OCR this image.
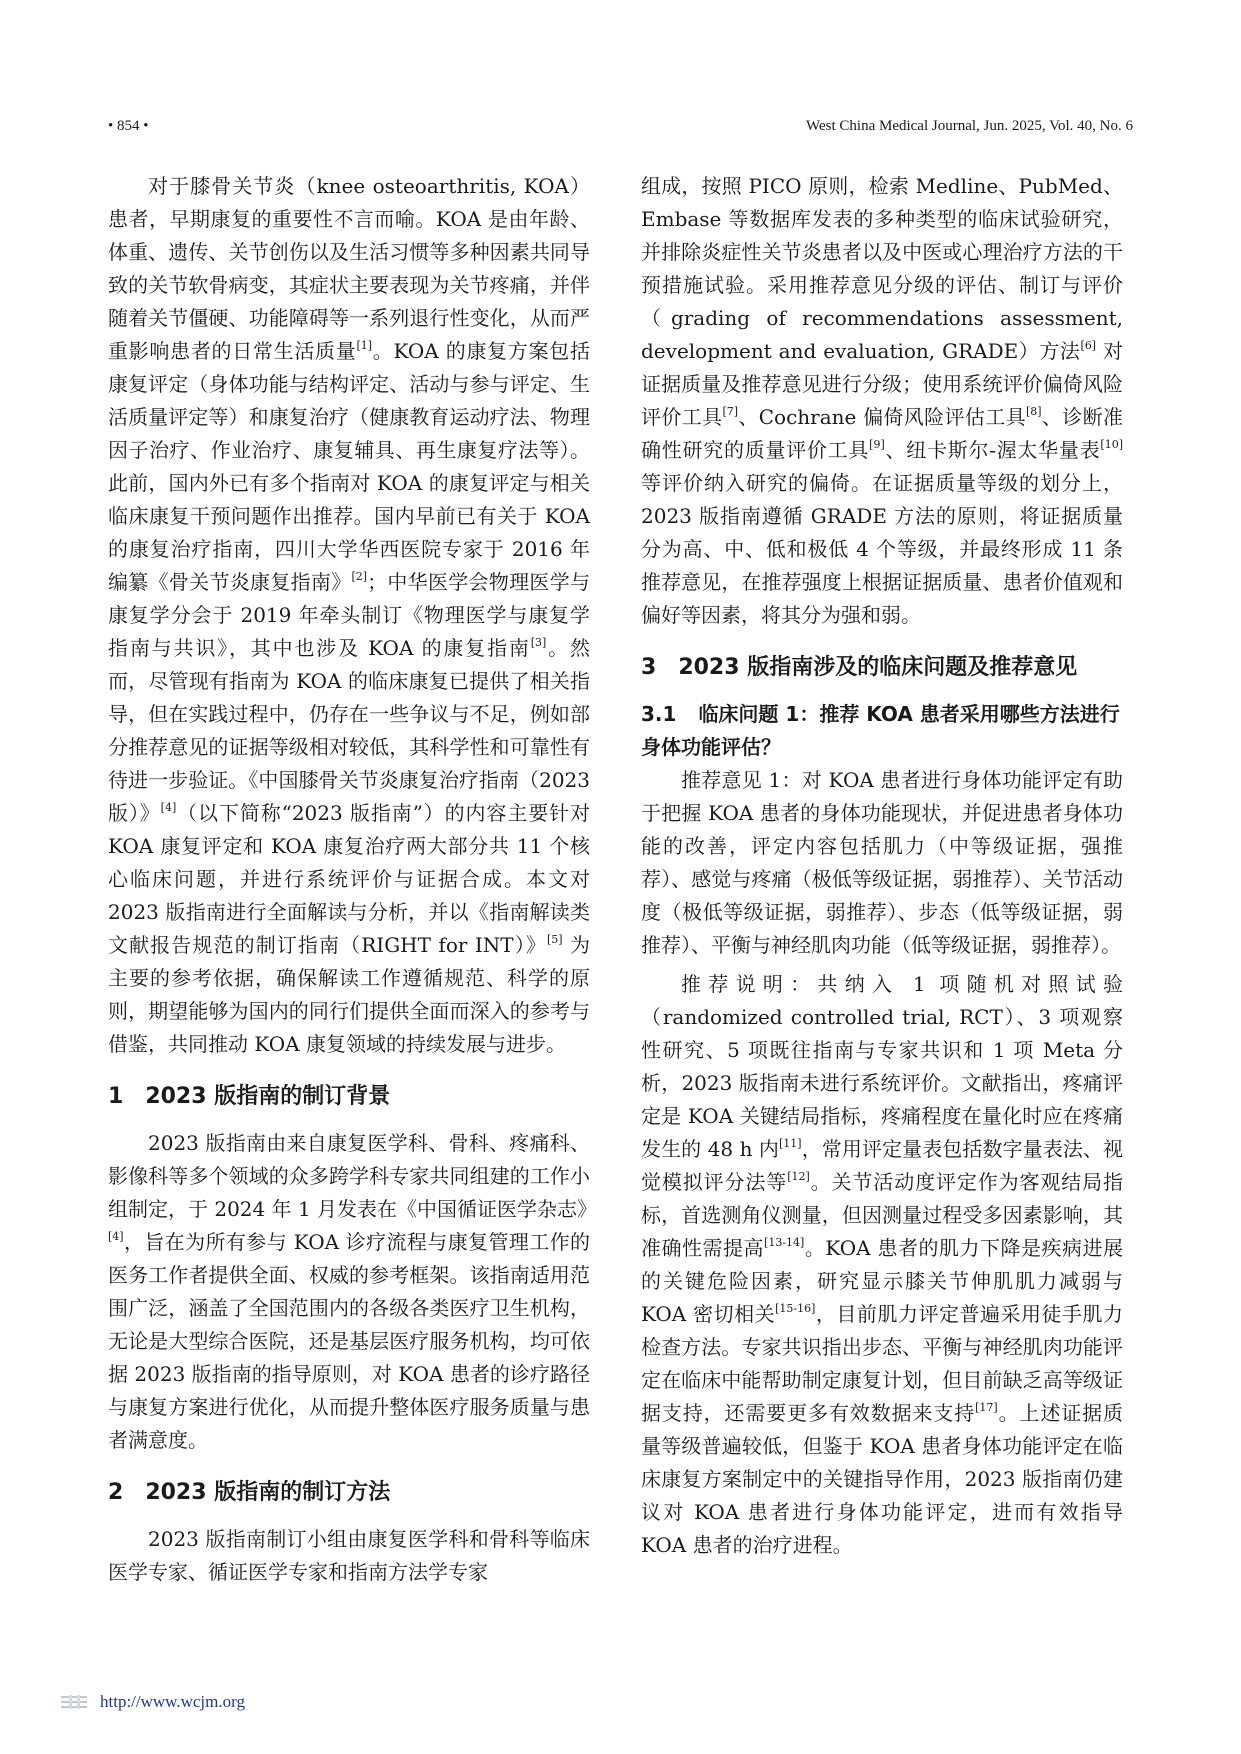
• 854 •	West China Medical Journal, Jun. 2025, Vol. 40, No. 6

对于膝骨关节炎（knee osteoarthritis, KOA）患者，早期康复的重要性不言而喻。KOA 是由年龄、体重、遗传、关节创伤以及生活习惯等多种因素共同导致的关节软骨病变，其症状主要表现为关节疼痛，并伴随着关节僵硬、功能障碍等一系列退行性变化，从而严重影响患者的日常生活质量[1]。KOA 的康复方案包括康复评定（身体功能与结构评定、活动与参与评定、生活质量评定等）和康复治疗（健康教育运动疗法、物理因子治疗、作业治疗、康复辅具、再生康复疗法等）。此前，国内外已有多个指南对 KOA 的康复评定与相关临床康复干预问题作出推荐。国内早前已有关于 KOA 的康复治疗指南，四川大学华西医院专家于 2016 年编纂《骨关节炎康复指南》[2]；中华医学会物理医学与康复学分会于 2019 年牵头制订《物理医学与康复学指南与共识》，其中也涉及 KOA 的康复指南[3]。然而，尽管现有指南为 KOA 的临床康复已提供了相关指导，但在实践过程中，仍存在一些争议与不足，例如部分推荐意见的证据等级相对较低，其科学性和可靠性有待进一步验证。《中国膝骨关节炎康复治疗指南（2023 版）》[4]（以下简称“2023 版指南”）的内容主要针对 KOA 康复评定和 KOA 康复治疗两大部分共 11 个核心临床问题，并进行系统评价与证据合成。本文对 2023 版指南进行全面解读与分析，并以《指南解读类文献报告规范的制订指南（RIGHT for INT）》[5] 为主要的参考依据，确保解读工作遵循规范、科学的原则，期望能够为国内的同行们提供全面而深入的参考与借鉴，共同推动 KOA 康复领域的持续发展与进步。

1 2023 版指南的制订背景

2023 版指南由来自康复医学科、骨科、疼痛科、影像科等多个领域的众多跨学科专家共同组建的工作小组制定，于 2024 年 1 月发表在《中国循证医学杂志》[4]，旨在为所有参与 KOA 诊疗流程与康复管理工作的医务工作者提供全面、权威的参考框架。该指南适用范围广泛，涵盖了全国范围内的各级各类医疗卫生机构，无论是大型综合医院，还是基层医疗服务机构，均可依据 2023 版指南的指导原则，对 KOA 患者的诊疗路径与康复方案进行优化，从而提升整体医疗服务质量与患者满意度。

2 2023 版指南的制订方法

2023 版指南制订小组由康复医学科和骨科等临床医学专家、循证医学专家和指南方法学专家

组成，按照 PICO 原则，检索 Medline、PubMed、Embase 等数据库发表的多种类型的临床试验研究，并排除炎症性关节炎患者以及中医或心理治疗方法的干预措施试验。采用推荐意见分级的评估、制订与评价（grading of recommendations assessment, development and evaluation, GRADE）方法[6] 对证据质量及推荐意见进行分级；使用系统评价偏倚风险评价工具[7]、Cochrane 偏倚风险评估工具[8]、诊断准确性研究的质量评价工具[9]、纽卡斯尔-渥太华量表[10] 等评价纳入研究的偏倚。在证据质量等级的划分上，2023 版指南遵循 GRADE 方法的原则，将证据质量分为高、中、低和极低 4 个等级，并最终形成 11 条推荐意见，在推荐强度上根据证据质量、患者价值观和偏好等因素，将其分为强和弱。

3 2023 版指南涉及的临床问题及推荐意见
3.1 临床问题 1：推荐 KOA 患者采用哪些方法进行身体功能评估？

推荐意见 1：对 KOA 患者进行身体功能评定有助于把握 KOA 患者的身体功能现状，并促进患者身体功能的改善，评定内容包括肌力（中等级证据，强推荐）、感觉与疼痛（极低等级证据，弱推荐）、关节活动度（极低等级证据，弱推荐）、步态（低等级证据，弱推荐）、平衡与神经肌肉功能（低等级证据，弱推荐）。

推荐说明：共纳入 1 项随机对照试验（randomized controlled trial, RCT）、3 项观察性研究、5 项既往指南与专家共识和 1 项 Meta 分析，2023 版指南未进行系统评价。文献指出，疼痛评定是 KOA 关键结局指标，疼痛程度在量化时应在疼痛发生的 48 h 内[11]，常用评定量表包括数字量表法、视觉模拟评分法等[12]。关节活动度评定作为客观结局指标，首选测角仪测量，但因测量过程受多因素影响，其准确性需提高[13-14]。KOA 患者的肌力下降是疾病进展的关键危险因素，研究显示膝关节伸肌肌力减弱与 KOA 密切相关[15-16]，目前肌力评定普遍采用徒手肌力检查方法。专家共识指出步态、平衡与神经肌肉功能评定在临床中能帮助制定康复计划，但目前缺乏高等级证据支持，还需要更多有效数据来支持[17]。上述证据质量等级普遍较低，但鉴于 KOA 患者身体功能评定在临床康复方案制定中的关键指导作用，2023 版指南仍建议对 KOA 患者进行身体功能评定，进而有效指导 KOA 患者的治疗进程。

http://www.wcjm.org
